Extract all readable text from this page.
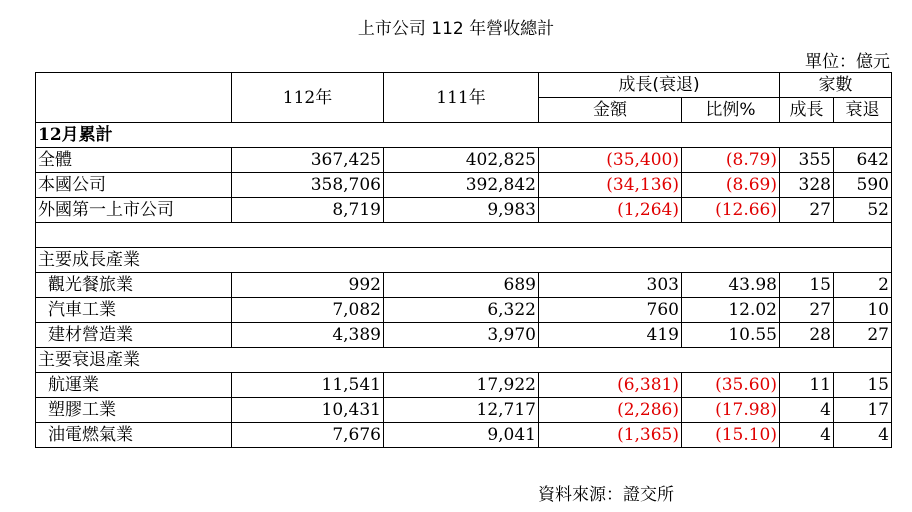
上市公司 112 年營收總計
單位：億元
	112年	111年	成長(衰退)		家數	
			金額	比例%	成長	衰退
12月累計						
全體	367,425	402,825	(35,400)	(8.79)	355	642
本國公司	358,706	392,842	(34,136)	(8.69)	328	590
外國第一上市公司	8,719	9,983	(1,264)	(12.66)	27	52

主要成長產業						
觀光餐旅業	992	689	303	43.98	15	2
汽車工業	7,082	6,322	760	12.02	27	10
建材營造業	4,389	3,970	419	10.55	28	27
主要衰退產業						
航運業	11,541	17,922	(6,381)	(35.60)	11	15
塑膠工業	10,431	12,717	(2,286)	(17.98)	4	17
油電燃氣業	7,676	9,041	(1,365)	(15.10)	4	4
資料來源：證交所
